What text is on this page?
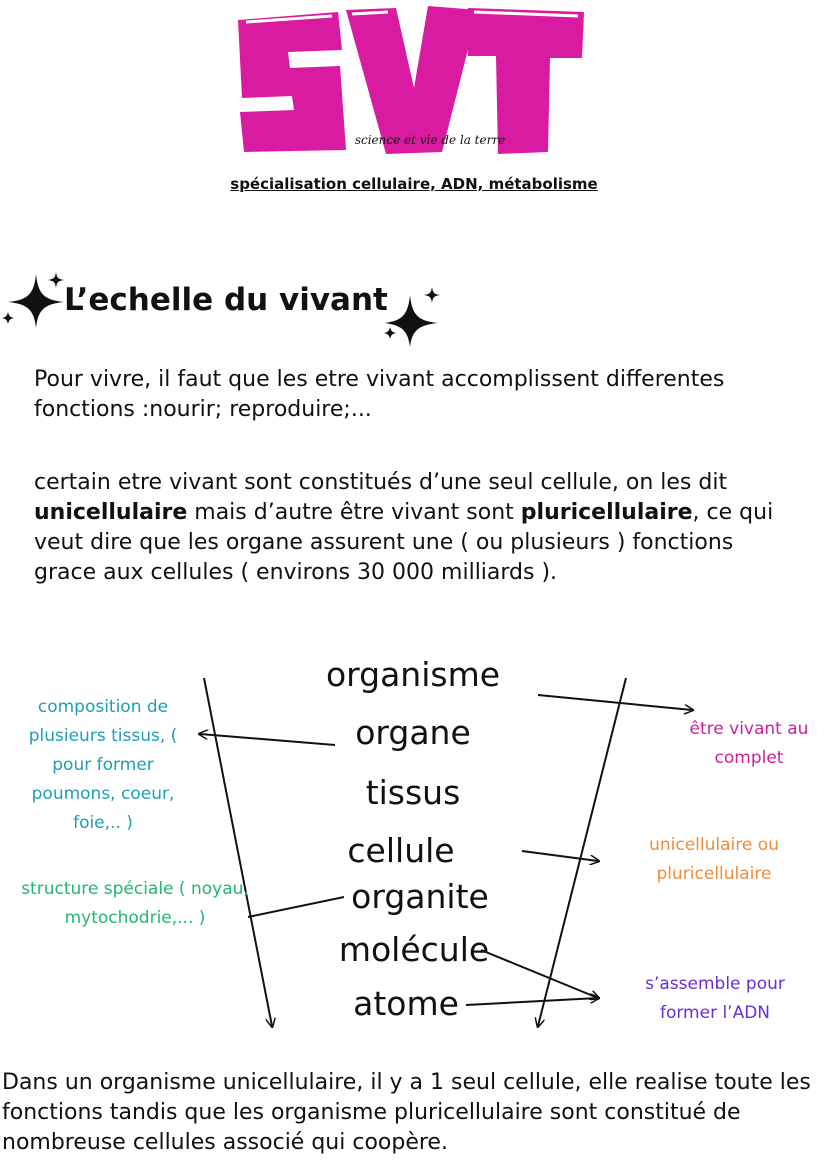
SVT
science et vie de la terre
spécialisation cellulaire, ADN, métabolisme
L’echelle du vivant
Pour vivre, il faut que les etre vivant accomplissent differentes fonctions :nourir; reproduire;...
certain etre vivant sont constitués d’une seul cellule, on les dit unicellulaire mais d’autre être vivant sont pluricellulaire, ce qui veut dire que les organe assurent une ( ou plusieurs ) fonctions grace aux cellules ( environs 30 000 milliards ).
organisme
organe
tissus
cellule
organite
molécule
atome
composition de plusieurs tissus, ( pour former poumons, coeur, foie,.. )
structure spéciale ( noyau, mytochodrie,... )
être vivant au complet
unicellulaire ou pluricellulaire
s’assemble pour former l’ADN
Dans un organisme unicellulaire, il y a 1 seul cellule, elle realise toute les fonctions tandis que les organisme pluricellulaire sont constitué de nombreuse cellules associé qui coopère.
